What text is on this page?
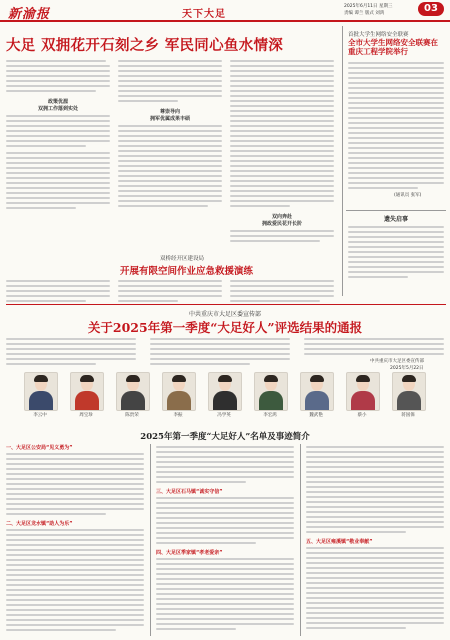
新渝报	天下大足
2025年6月11日 星期三
责编 谭兰 版式 刘鸿	03
大足 双拥花开石刻之乡 军民同心鱼水情深
政策优渥
双拥工作落到实处	尊崇导向
拥军优属成果丰硕
双向奔赴
拥政爱民花开长阶
首批大学生网络安全联赛
全市大学生网络安全联赛在重庆工程学院举行
(通讯员 张军)
遗失启事
双桥经开区建设局
开展有限空间作业应急救援演练
中共重庆市大足区委宣传部
关于2025年第一季度“大足好人”评选结果的通报
中共重庆市大足区委宣传部
2025年5月22日
李云中	周宝珍	陈贵荣	李振	冯学英	李宏鸿	魏武艳	蔡小	蒋国保
2025年第一季度“大足好人”名单及事迹简介
一、大足区公安局“见义勇为”
二、大足区龙水镇“助人为乐”
三、大足区石马镇“诚实守信”
四、大足区季家镇“孝老爱亲”
五、大足区雍溪镇“敬业奉献”
